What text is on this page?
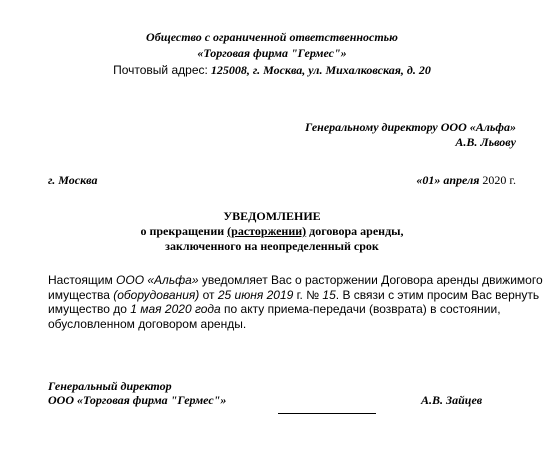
Общество с ограниченной ответственностью
«Торговая фирма "Гермес"»
Почтовый адрес: 125008, г. Москва, ул. Михалковская, д. 20
Генеральному директору ООО «Альфа»
А.В. Львову
г. Москва	«01» апреля 2020 г.
УВЕДОМЛЕНИЕ
о прекращении (расторжении) договора аренды,
заключенного на неопределенный срок
Настоящим ООО «Альфа» уведомляет Вас о расторжении Договора аренды движимого
имущества (оборудования) от 25 июня 2019 г. № 15. В связи с этим просим Вас вернуть
имущество до 1 мая 2020 года по акту приема-передачи (возврата) в состоянии,
обусловленном договором аренды.
Генеральный директор
ООО «Торговая фирма "Гермес"»	А.В. Зайцев
